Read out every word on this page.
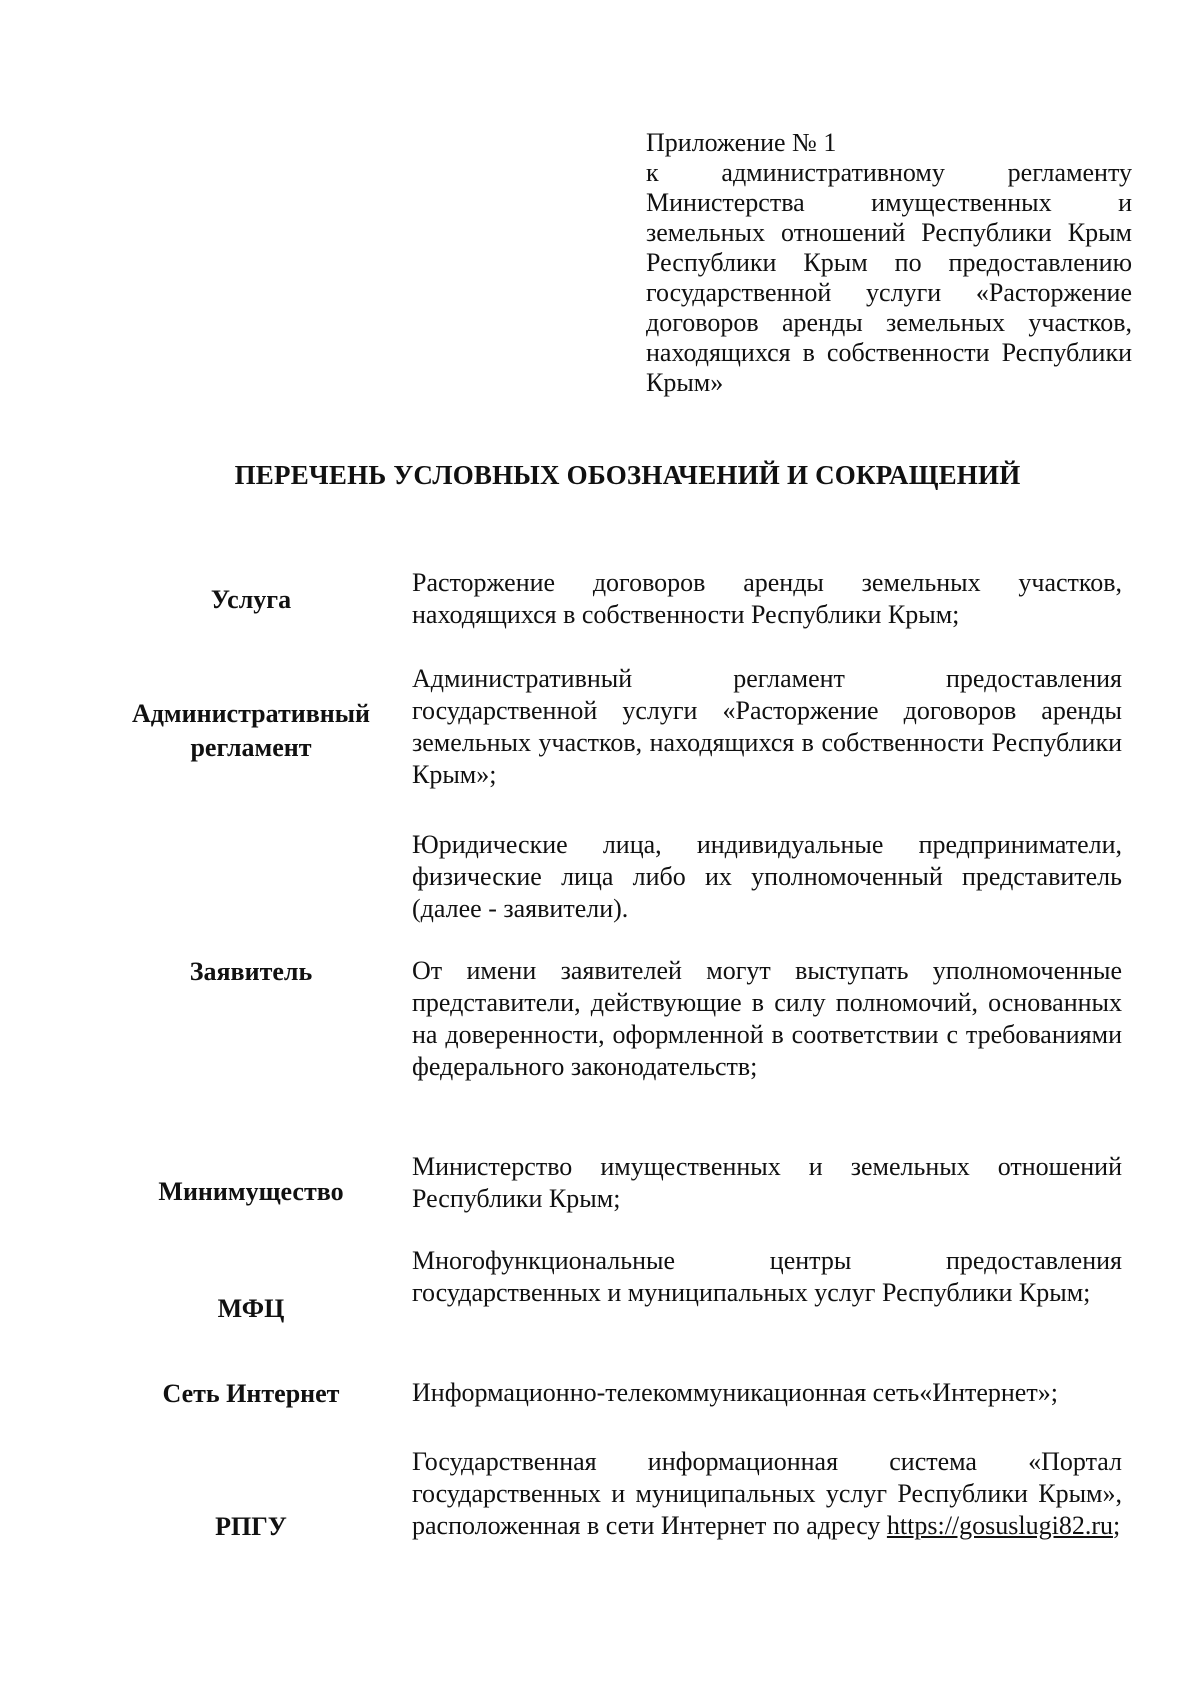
Приложение № 1

к административному регламенту Министерства имущественных и земельных отношений Республики Крым Республики Крым по предоставлению государственной услуги «Расторжение договоров аренды земельных участков, находящихся в собственности Республики Крым»

ПЕРЕЧЕНЬ УСЛОВНЫХ ОБОЗНАЧЕНИЙ И СОКРАЩЕНИЙ
Услуга
Расторжение договоров аренды земельных участков, находящихся в собственности Республики Крым;
Административный регламент
Административный регламент предоставления государственной услуги «Расторжение договоров аренды земельных участков, находящихся в собственности Республики Крым»;
Юридические лица, индивидуальные предприниматели, физические лица либо их уполномоченный представитель (далее - заявители).
Заявитель	От имени заявителей могут выступать уполномоченные представители, действующие в силу полномочий, основанных на доверенности, оформленной в соответствии с требованиями федерального законодательств;
Минимущество
Министерство имущественных и земельных отношений Республики Крым;
МФЦ
Многофункциональные центры предоставления государственных и муниципальных услуг Республики Крым;
Сеть Интернет	Информационно-телекоммуникационная сеть«Интернет»;
РПГУ
Государственная информационная система «Портал государственных и муниципальных услуг Республики Крым», расположенная в сети Интернет по адресу https://gosuslugi82.ru;
